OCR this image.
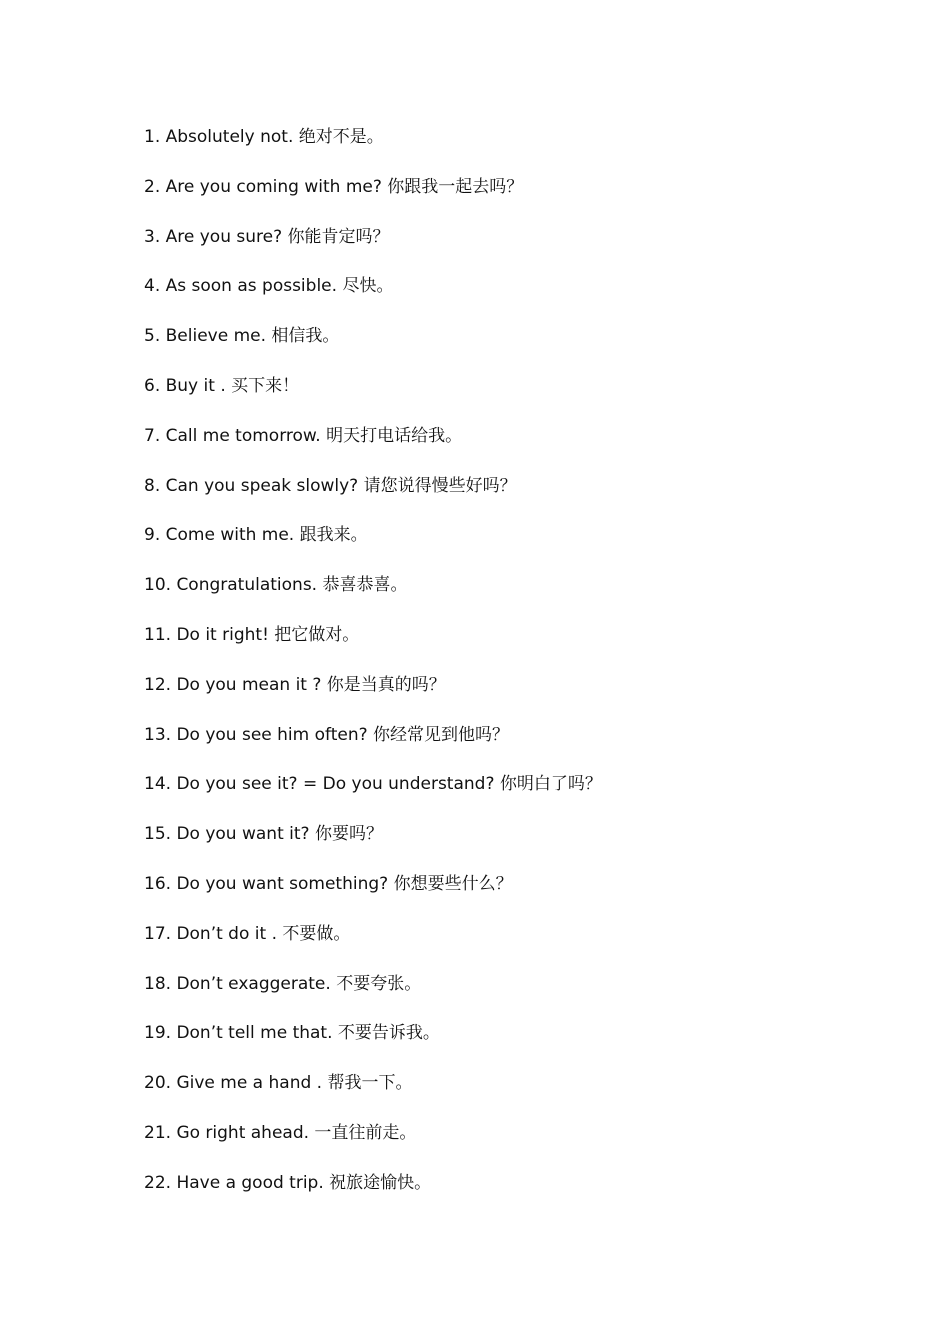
1. Absolutely not. 绝对不是。
2. Are you coming with me? 你跟我一起去吗？
3. Are you sure? 你能肯定吗？
4. As soon as possible. 尽快。
5. Believe me. 相信我。
6. Buy it . 买下来！
7. Call me tomorrow. 明天打电话给我。
8. Can you speak slowly? 请您说得慢些好吗？
9. Come with me. 跟我来。
10. Congratulations. 恭喜恭喜。
11. Do it right! 把它做对。
12. Do you mean it ? 你是当真的吗？
13. Do you see him often? 你经常见到他吗？
14. Do you see it? = Do you understand? 你明白了吗？
15. Do you want it? 你要吗？
16. Do you want something? 你想要些什么？
17. Don’t do it . 不要做。
18. Don’t exaggerate. 不要夸张。
19. Don’t tell me that. 不要告诉我。
20. Give me a hand . 帮我一下。
21. Go right ahead. 一直往前走。
22. Have a good trip. 祝旅途愉快。
